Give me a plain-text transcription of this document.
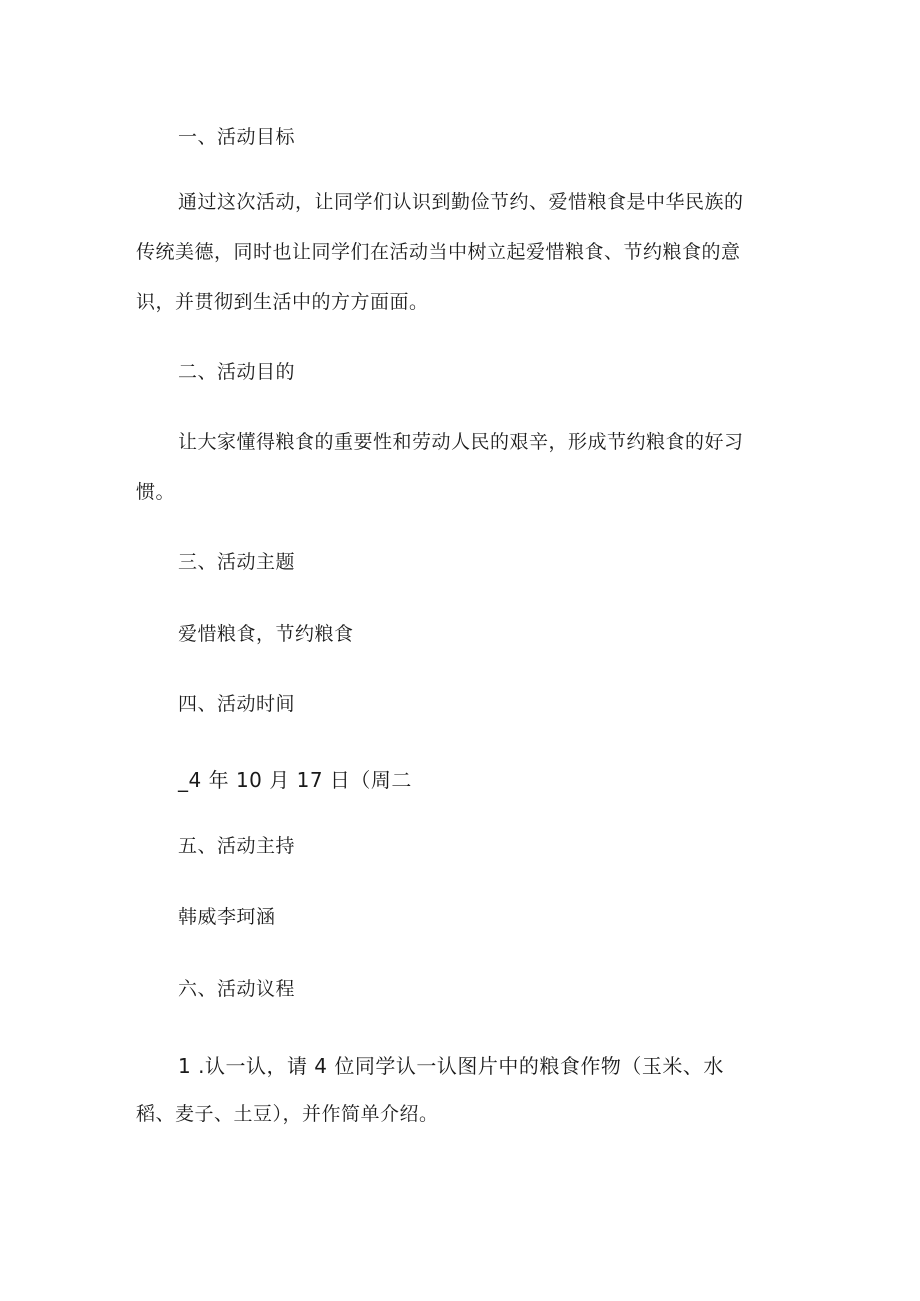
一、活动目标
通过这次活动，让同学们认识到勤俭节约、爱惜粮食是中华民族的
传统美德，同时也让同学们在活动当中树立起爱惜粮食、节约粮食的意
识，并贯彻到生活中的方方面面。
二、活动目的
让大家懂得粮食的重要性和劳动人民的艰辛，形成节约粮食的好习
惯。
三、活动主题
爱惜粮食，节约粮食
四、活动时间
_4 年 10 月 17 日（周二
五、活动主持
韩威李珂涵
六、活动议程
1 .认一认，请 4 位同学认一认图片中的粮食作物（玉米、水
稻、麦子、土豆），并作简单介绍。
